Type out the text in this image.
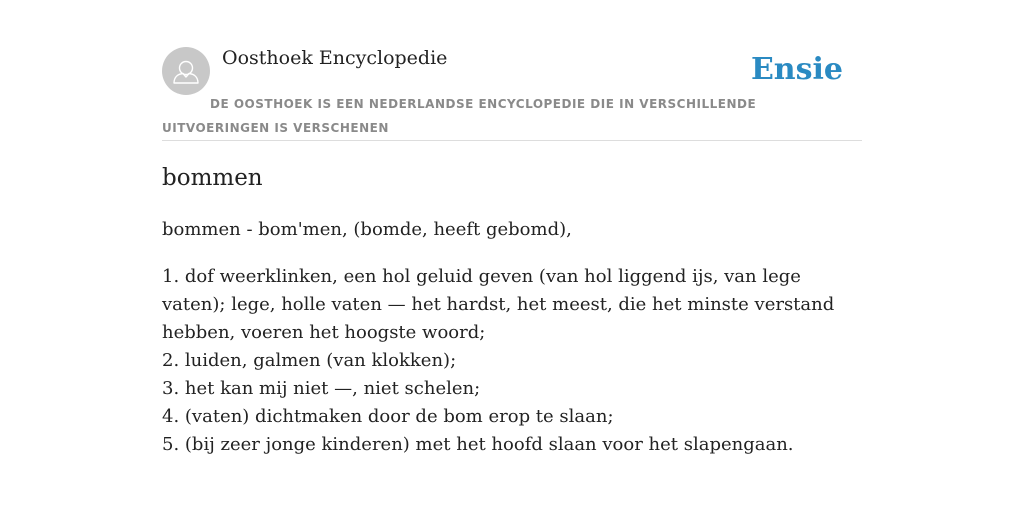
Oosthoek Encyclopedie	Ensie

DE OOSTHOEK IS EEN NEDERLANDSE ENCYCLOPEDIE DIE IN VERSCHILLENDE UITVOERINGEN IS VERSCHENEN

bommen

bommen - bom'men, (bomde, heeft gebomd),

1. dof weerklinken, een hol geluid geven (van hol liggend ijs, van lege vaten); lege, holle vaten — het hardst, het meest, die het minste verstand hebben, voeren het hoogste woord;
2. luiden, galmen (van klokken);
3. het kan mij niet —, niet schelen;
4. (vaten) dichtmaken door de bom erop te slaan;
5. (bij zeer jonge kinderen) met het hoofd slaan voor het slapengaan.
